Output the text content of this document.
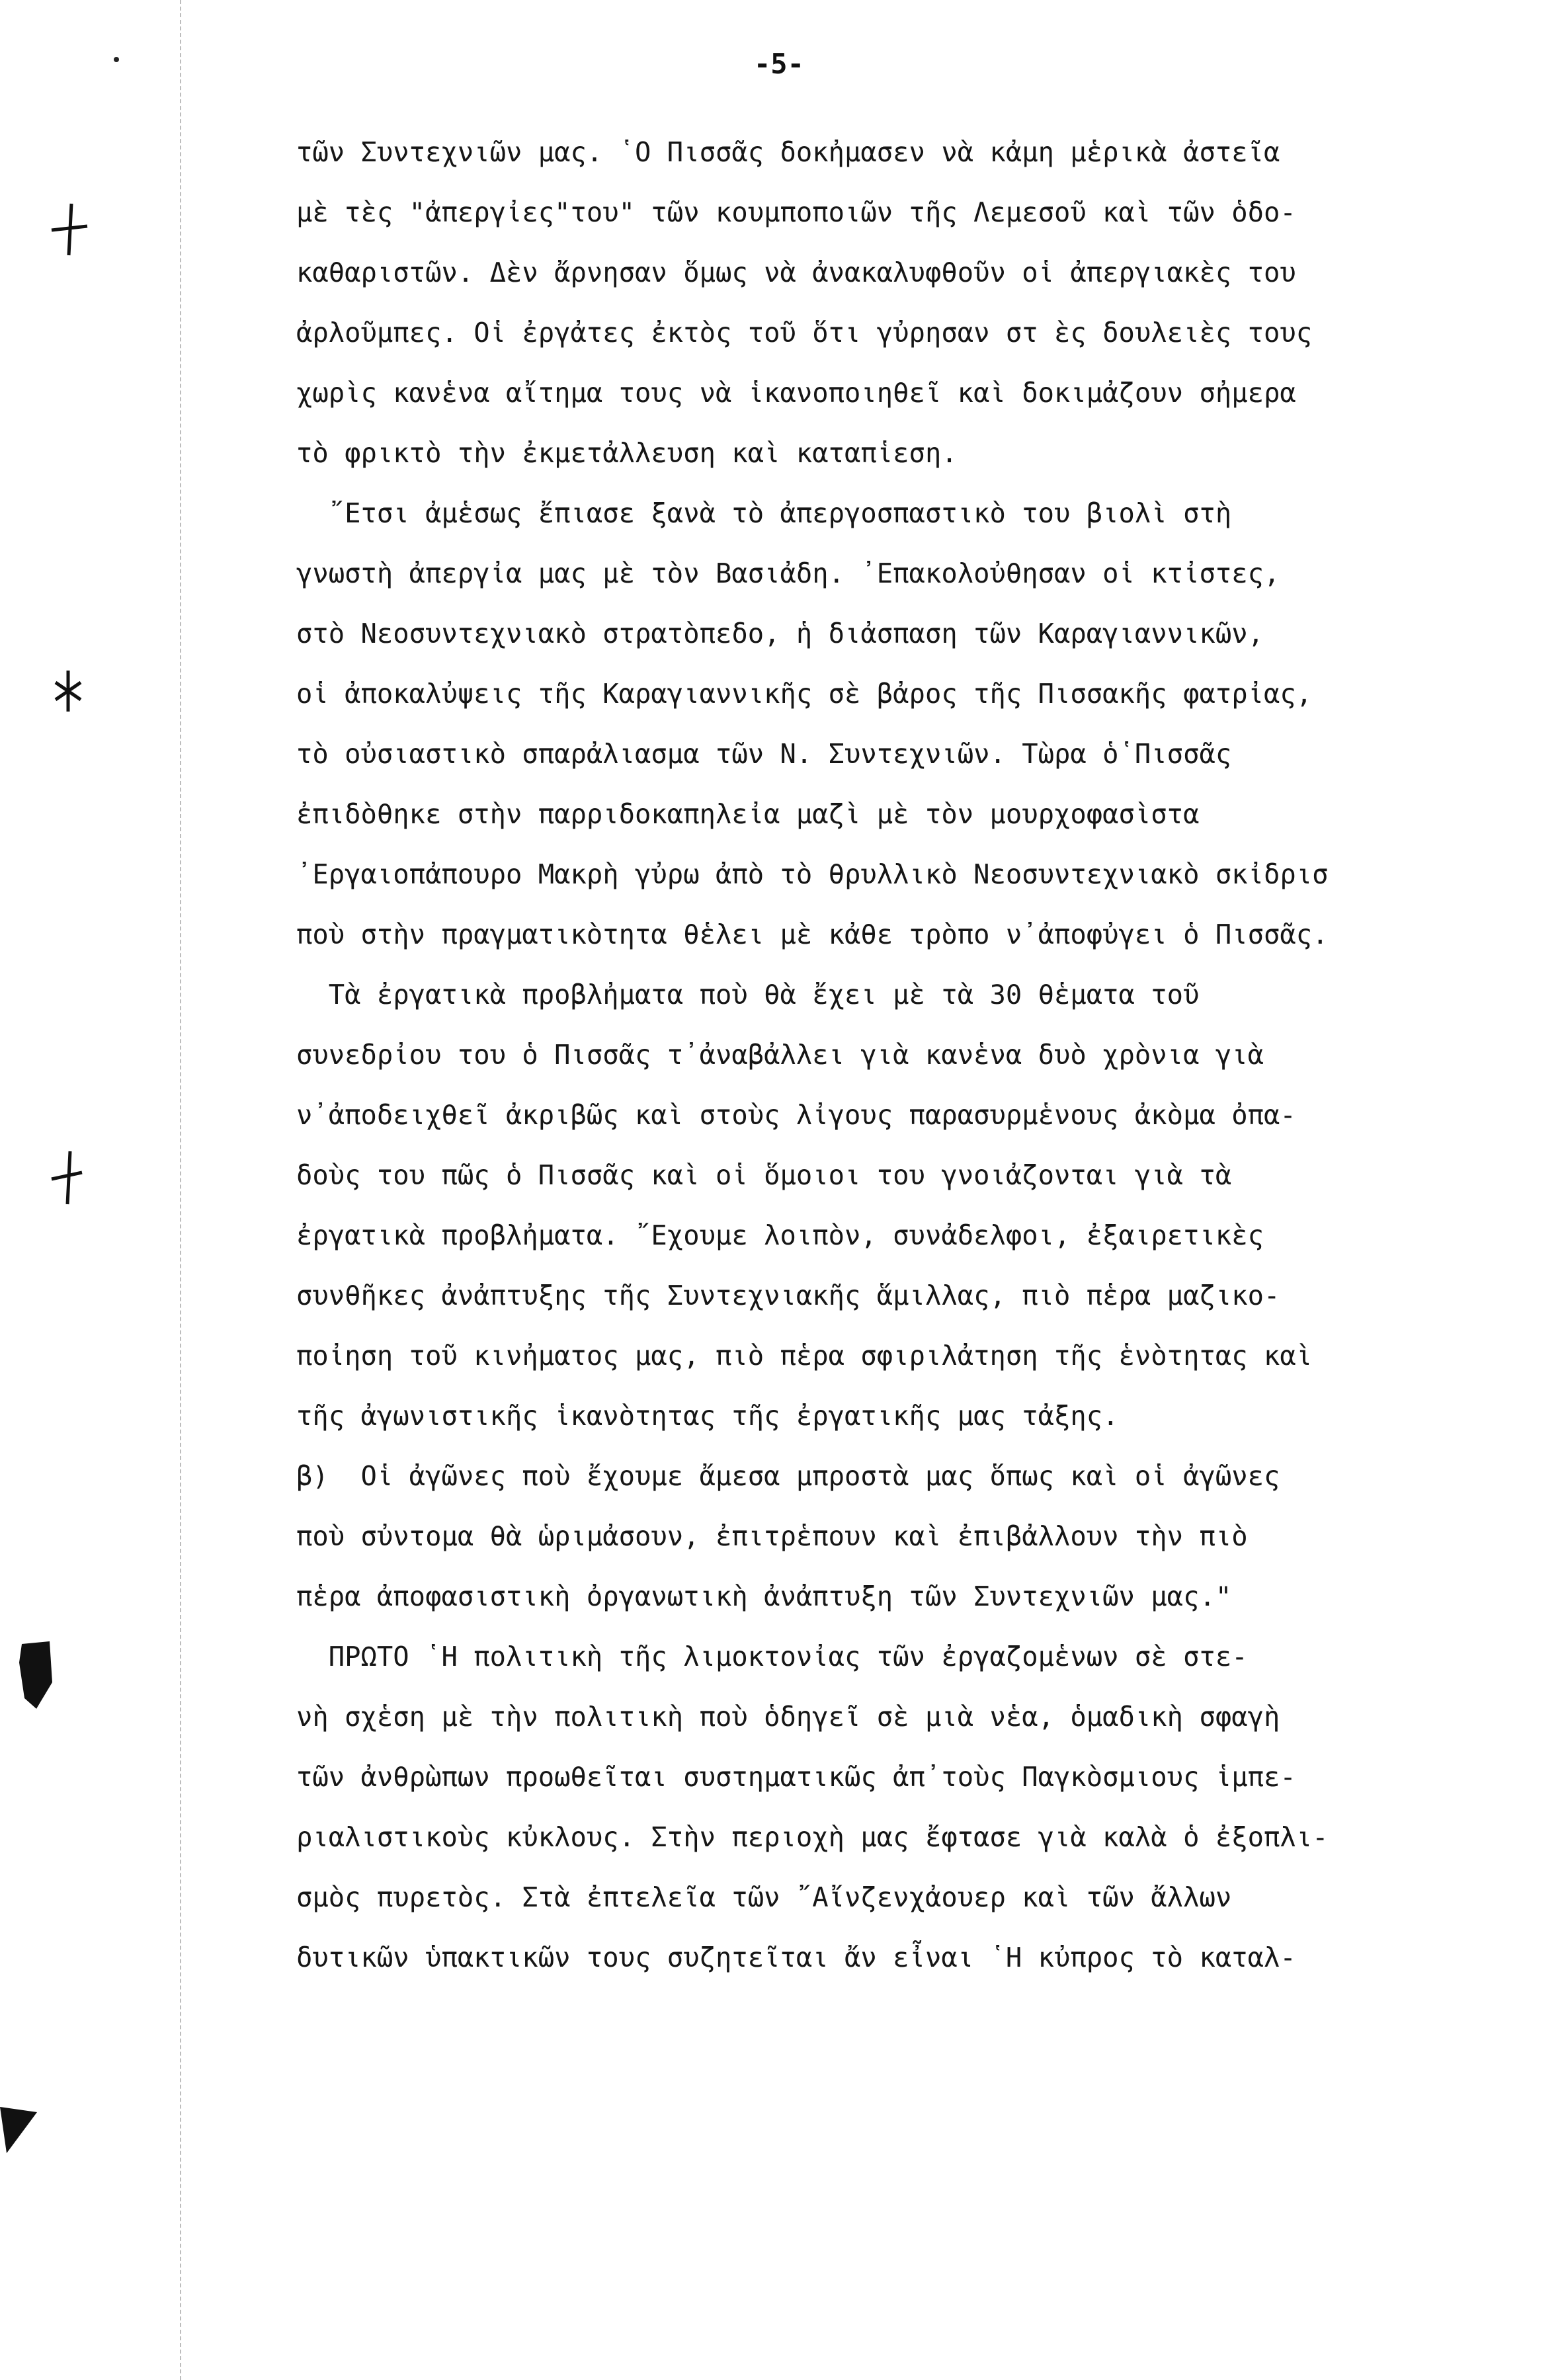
-5-
τῶν Συντεχνιῶν μας. ῾Ο Πισσᾶς δοκἠμασεν νὰ κἀμη μἑρικὰ ἀστεῖα
μὲ τὲς "ἀπεργἰες"του" τῶν κουμποποιῶν τῆς Λεμεσοῦ καὶ τῶν ὁδο-
καθαριστῶν. Δὲν ἄρνησαν ὅμως νὰ ἀνακαλυφθοῦν οἱ ἀπεργιακὲς του
ἀρλοῦμπες. Οἱ ἐργἀτες ἐκτὸς τοῦ ὅτι γὐρησαν στ ὲς δουλειὲς τους
χωρὶς κανἑνα αἴτημα τους νὰ ἱκανοποιηθεῖ καὶ δοκιμἀζουν σἠμερα
τὸ φρικτὸ τὴν ἐκμετἀλλευση καὶ καταπἱεση.
῎Ετσι ἀμἑσως ἔπιασε ξανὰ τὸ ἀπεργοσπαστικὸ του βιολὶ στὴ
γνωστὴ ἀπεργἰα μας μὲ τὸν Βασιἀδη. ᾽Επακολοὐθησαν οἱ κτἰστες,
στὸ Νεοσυντεχνιακὸ στρατὸπεδο, ἡ διἀσπαση τῶν Καραγιαννικῶν,
οἱ ἀποκαλὐψεις τῆς Καραγιαννικῆς σὲ βἀρος τῆς Πισσακῆς φατρἰας,
τὸ οὐσιαστικὸ σπαρἀλιασμα τῶν Ν. Συντεχνιῶν. Τὼρα ὁ῾Πισσᾶς
ἐπιδὸθηκε στὴν παρριδοκαπηλεἰα μαζὶ μὲ τὸν μουρχοφασὶστα
᾽Εργαιοπἀπουρο Μακρὴ γὐρω ἀπὸ τὸ θρυλλικὸ Νεοσυντεχνιακὸ σκἰδρισ
ποὺ στὴν πραγματικὸτητα θἑλει μὲ κἀθε τρὸπο ν᾽ἀποφὐγει ὁ Πισσᾶς.
Τὰ ἐργατικὰ προβλἠματα ποὺ θὰ ἔχει μὲ τὰ 30 θἑματα τοῦ
συνεδρἰου του ὁ Πισσᾶς τ᾽ἀναβἀλλει γιὰ κανἑνα δυὸ χρὸνια γιὰ
ν᾽ἀποδειχθεῖ ἀκριβῶς καὶ στοὺς λἰγους παρασυρμἑνους ἀκὸμα ὀπα-
δοὺς του πῶς ὁ Πισσᾶς καὶ οἱ ὅμοιοι του γνοιἀζονται γιὰ τὰ
ἐργατικὰ προβλἠματα. ῎Εχουμε λοιπὸν, συνἀδελφοι, ἐξαιρετικὲς
συνθῆκες ἀνἀπτυξης τῆς Συντεχνιακῆς ἅμιλλας, πιὸ πἑρα μαζικο-
ποἰηση τοῦ κινἠματος μας, πιὸ πἑρα σφιριλἀτηση τῆς ἑνὸτητας καὶ
τῆς ἀγωνιστικῆς ἱκανὸτητας τῆς ἐργατικῆς μας τἀξης.
β)  Οἱ ἀγῶνες ποὺ ἔχουμε ἄμεσα μπροστὰ μας ὅπως καὶ οἱ ἀγῶνες
ποὺ σὐντομα θὰ ὡριμἀσουν, ἐπιτρἑπουν καὶ ἐπιβἀλλουν τὴν πιὸ
πἑρα ἀποφασιστικὴ ὀργανωτικὴ ἀνἀπτυξη τῶν Συντεχνιῶν μας."
ΠΡΩΤΟ ῾Η πολιτικὴ τῆς λιμοκτονἰας τῶν ἐργαζομἑνων σὲ στε-
νὴ σχἑση μὲ τὴν πολιτικὴ ποὺ ὁδηγεῖ σὲ μιὰ νἑα, ὁμαδικὴ σφαγὴ
τῶν ἀνθρὼπων προωθεῖται συστηματικῶς ἀπ᾽τοὺς Παγκὸσμιους ἱμπε-
ριαλιστικοὺς κὐκλους. Στὴν περιοχὴ μας ἔφτασε γιὰ καλὰ ὁ ἐξοπλι-
σμὸς πυρετὸς. Στὰ ἐπτελεῖα τῶν ῎Αἴνζενχἀουερ καὶ τῶν ἄλλων
δυτικῶν ὑπακτικῶν τους συζητεῖται ἄν εἶναι ῾Η κὐπρος τὸ καταλ-
